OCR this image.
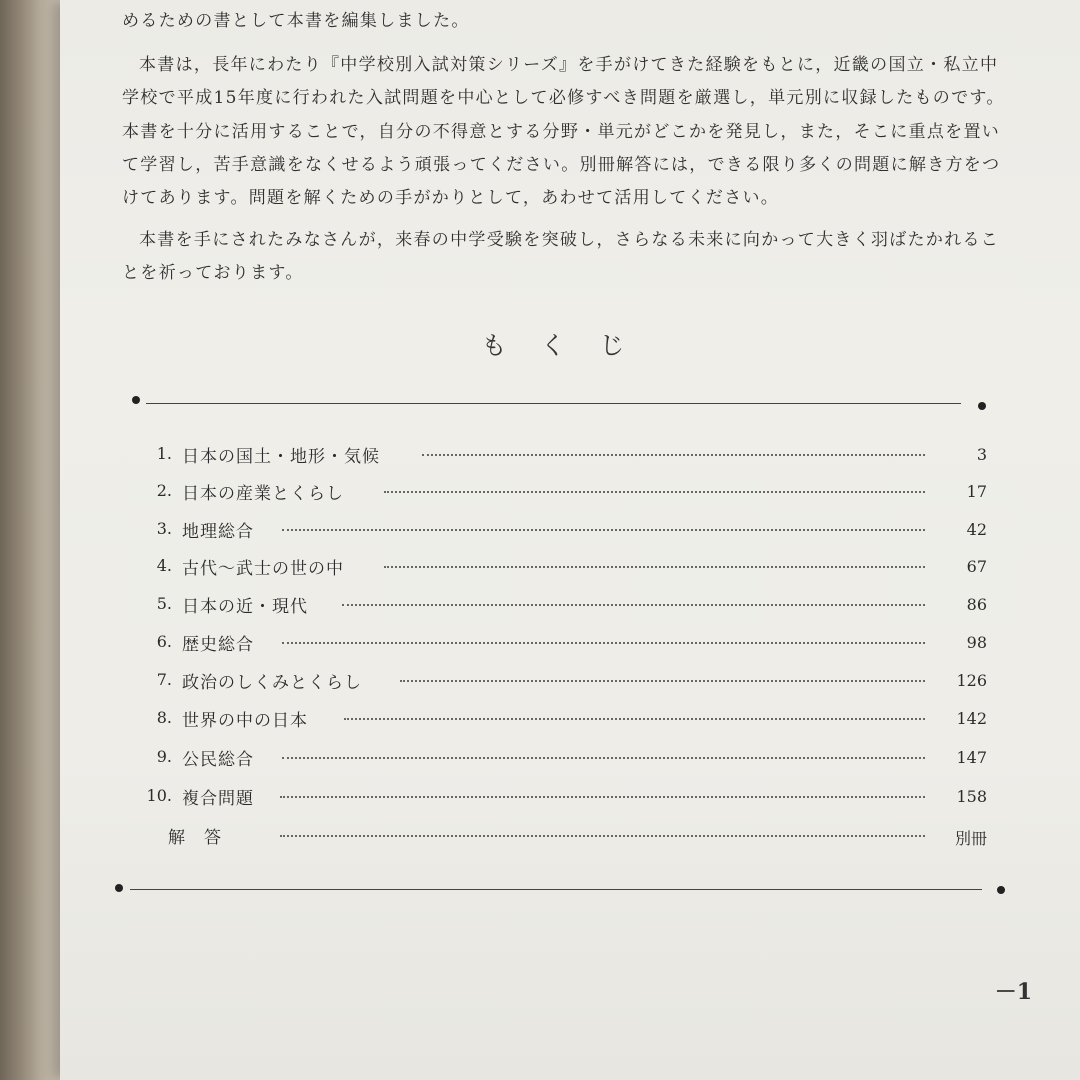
めるための書として本書を編集しました。
本書は，長年にわたり『中学校別入試対策シリーズ』を手がけてきた経験をもとに，近畿の国立・私立中
学校で平成15年度に行われた入試問題を中心として必修すべき問題を厳選し，単元別に収録したものです。
本書を十分に活用することで，自分の不得意とする分野・単元がどこかを発見し，また，そこに重点を置い
て学習し，苦手意識をなくせるよう頑張ってください。別冊解答には，できる限り多くの問題に解き方をつ
けてあります。問題を解くための手がかりとして，あわせて活用してください。
本書を手にされたみなさんが，来春の中学受験を突破し，さらなる未来に向かって大きく羽ばたかれるこ
とを祈っております。
もくじ
1. 日本の国土・地形・気候	3
2. 日本の産業とくらし	17
3. 地理総合	42
4. 古代～武士の世の中	67
5. 日本の近・現代	86
6. 歴史総合	98
7. 政治のしくみとくらし	126
8. 世界の中の日本	142
9. 公民総合	147
10. 複合問題	158
解　答	別冊
－1
